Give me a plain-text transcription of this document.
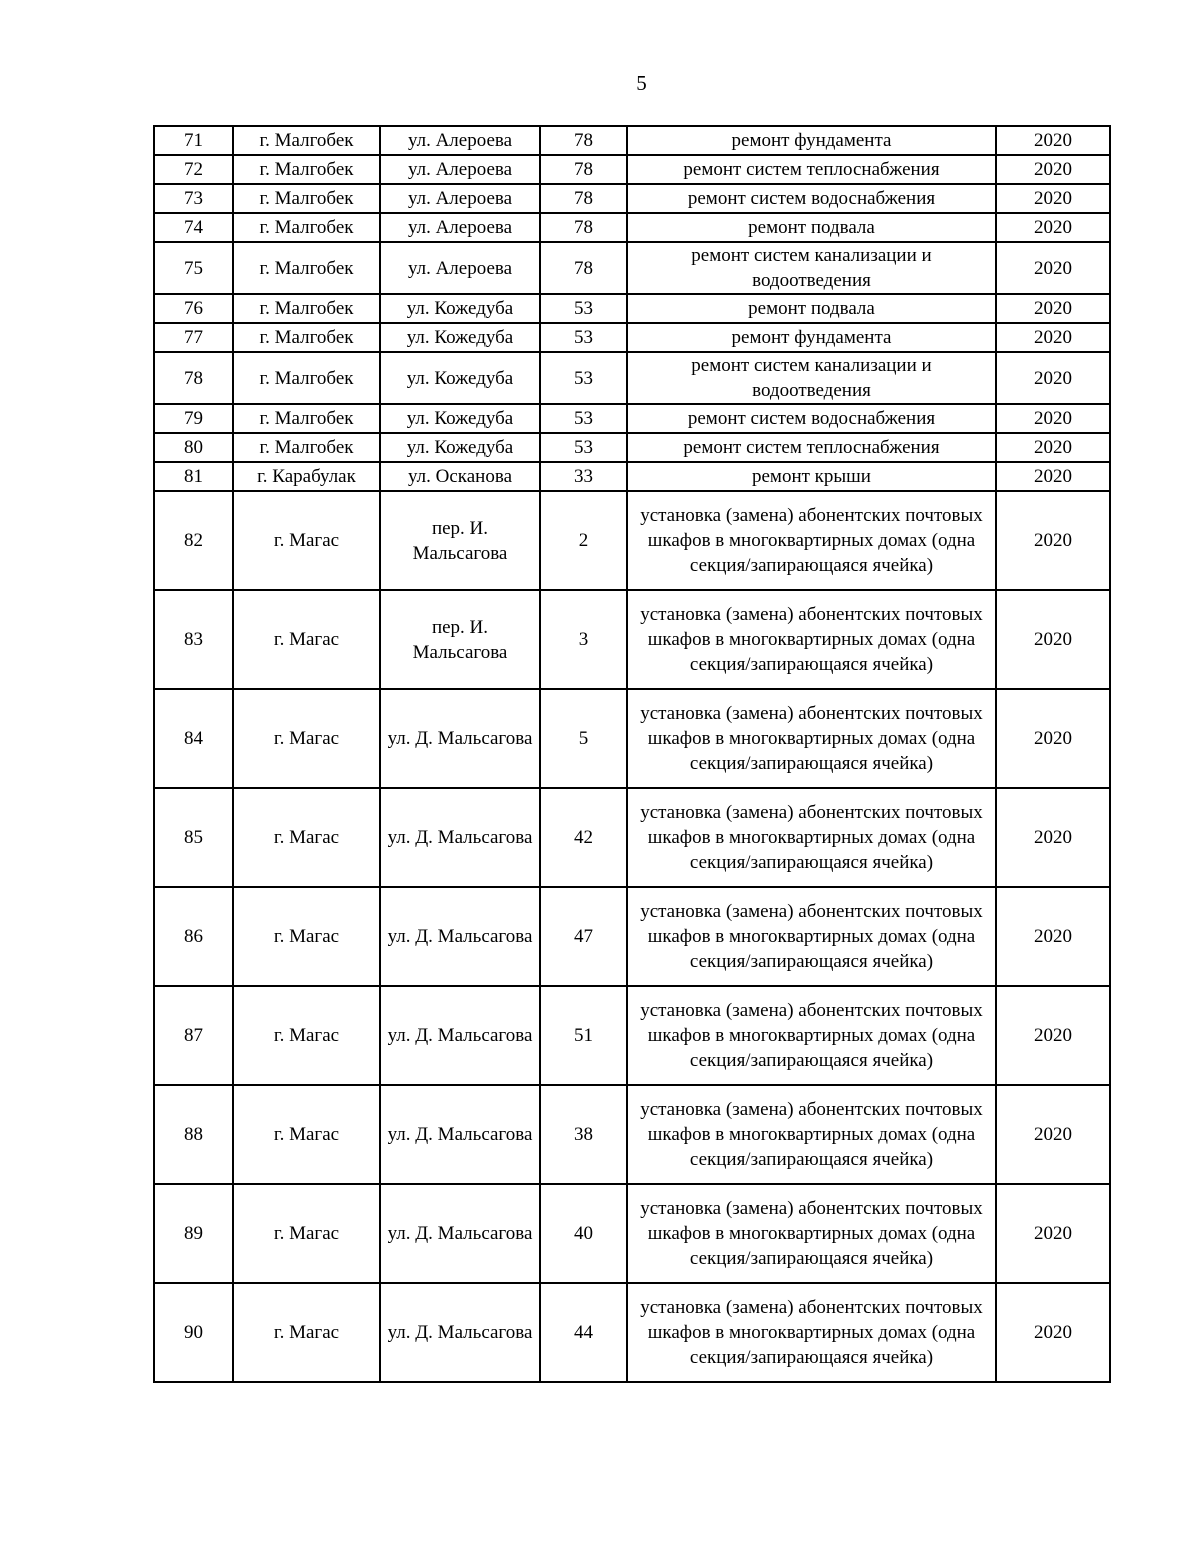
5
71	г. Малгобек	ул. Алероева	78	ремонт фундамента	2020
72	г. Малгобек	ул. Алероева	78	ремонт систем теплоснабжения	2020
73	г. Малгобек	ул. Алероева	78	ремонт систем водоснабжения	2020
74	г. Малгобек	ул. Алероева	78	ремонт подвала	2020
75	г. Малгобек	ул. Алероева	78	ремонт систем канализации и водоотведения	2020
76	г. Малгобек	ул. Кожедуба	53	ремонт подвала	2020
77	г. Малгобек	ул. Кожедуба	53	ремонт фундамента	2020
78	г. Малгобек	ул. Кожедуба	53	ремонт систем канализации и водоотведения	2020
79	г. Малгобек	ул. Кожедуба	53	ремонт систем водоснабжения	2020
80	г. Малгобек	ул. Кожедуба	53	ремонт систем теплоснабжения	2020
81	г. Карабулак	ул. Осканова	33	ремонт крыши	2020
82	г. Магас	пер. И. Мальсагова	2	установка (замена) абонентских почтовых шкафов в многоквартирных домах (одна секция/запирающаяся ячейка)	2020
83	г. Магас	пер. И. Мальсагова	3	установка (замена) абонентских почтовых шкафов в многоквартирных домах (одна секция/запирающаяся ячейка)	2020
84	г. Магас	ул. Д. Мальсагова	5	установка (замена) абонентских почтовых шкафов в многоквартирных домах (одна секция/запирающаяся ячейка)	2020
85	г. Магас	ул. Д. Мальсагова	42	установка (замена) абонентских почтовых шкафов в многоквартирных домах (одна секция/запирающаяся ячейка)	2020
86	г. Магас	ул. Д. Мальсагова	47	установка (замена) абонентских почтовых шкафов в многоквартирных домах (одна секция/запирающаяся ячейка)	2020
87	г. Магас	ул. Д. Мальсагова	51	установка (замена) абонентских почтовых шкафов в многоквартирных домах (одна секция/запирающаяся ячейка)	2020
88	г. Магас	ул. Д. Мальсагова	38	установка (замена) абонентских почтовых шкафов в многоквартирных домах (одна секция/запирающаяся ячейка)	2020
89	г. Магас	ул. Д. Мальсагова	40	установка (замена) абонентских почтовых шкафов в многоквартирных домах (одна секция/запирающаяся ячейка)	2020
90	г. Магас	ул. Д. Мальсагова	44	установка (замена) абонентских почтовых шкафов в многоквартирных домах (одна секция/запирающаяся ячейка)	2020
